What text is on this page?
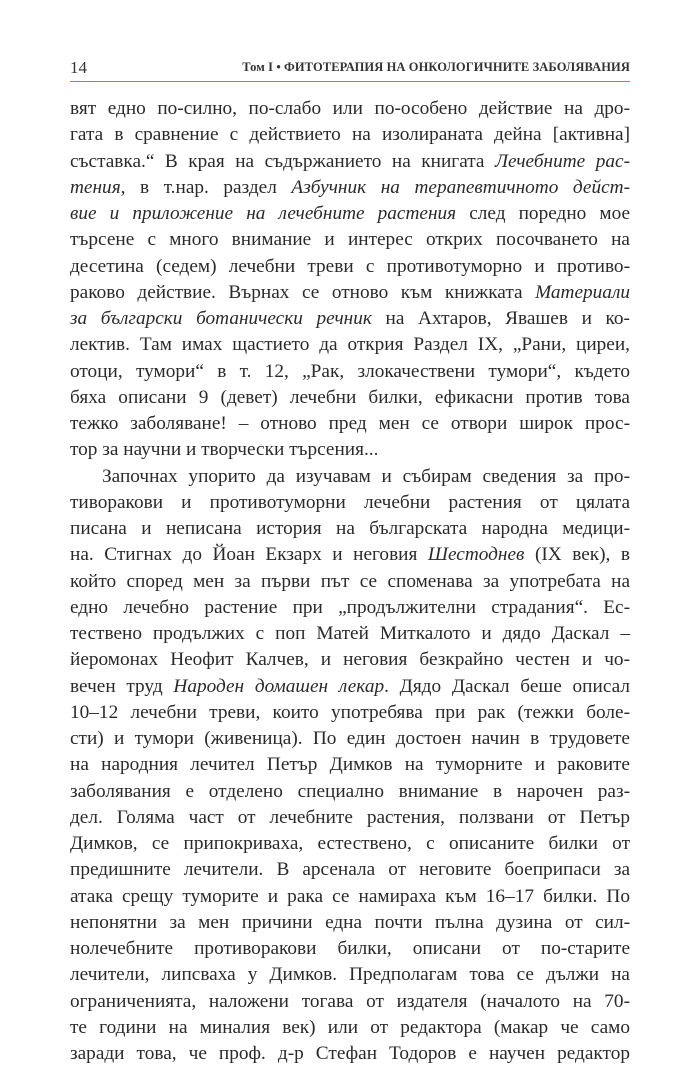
14	Том I • ФИТОТЕРАПИЯ НА ОНКОЛОГИЧНИТЕ ЗАБОЛЯВАНИЯ
вят едно по-силно, по-слабо или по-особено действие на дро-
гата в сравнение с действието на изолираната дейна [активна]
съставка.“ В края на съдържанието на книгата Лечебните рас-
тения, в т.нар. раздел Азбучник на терапевтичното дейст-
вие и приложение на лечебните растения след поредно мое
търсене с много внимание и интерес открих посочването на
десетина (седем) лечебни треви с противотуморно и противо-
раково действие. Върнах се отново към книжката Материали
за български ботанически речник на Ахтаров, Явашев и ко-
лектив. Там имах щастието да открия Раздел IX, „Рани, циреи,
отоци, тумори“ в т. 12, „Рак, злокачествени тумори“, където
бяха описани 9 (девет) лечебни билки, ефикасни против това
тежко заболяване! – отново пред мен се отвори широк прос-
тор за научни и творчески търсения...
Започнах упорито да изучавам и събирам сведения за про-
тиворакови и противотуморни лечебни растения от цялата
писана и неписана история на българската народна медици-
на. Стигнах до Йоан Екзарх и неговия Шестоднев (IX век), в
който според мен за първи път се споменава за употребата на
едно лечебно растение при „продължителни страдания“. Ес-
тествено продължих с поп Матей Миткалото и дядо Даскал –
йеромонах Неофит Калчев, и неговия безкрайно честен и чо-
вечен труд Народен домашен лекар. Дядо Даскал беше описал
10–12 лечебни треви, които употребява при рак (тежки боле-
сти) и тумори (живеница). По един достоен начин в трудовете
на народния лечител Петър Димков на туморните и раковите
заболявания е отделено специално внимание в нарочен раз-
дел. Голяма част от лечебните растения, ползвани от Петър
Димков, се припокриваха, естествено, с описаните билки от
предишните лечители. В арсенала от неговите боеприпаси за
атака срещу туморите и рака се намираха към 16–17 билки. По
непонятни за мен причини една почти пълна дузина от сил-
нолечебните противоракови билки, описани от по-старите
лечители, липсваха у Димков. Предполагам това се дължи на
ограниченията, наложени тогава от издателя (началото на 70-
те години на миналия век) или от редактора (макар че само
заради това, че проф. д-р Стефан Тодоров е научен редактор
